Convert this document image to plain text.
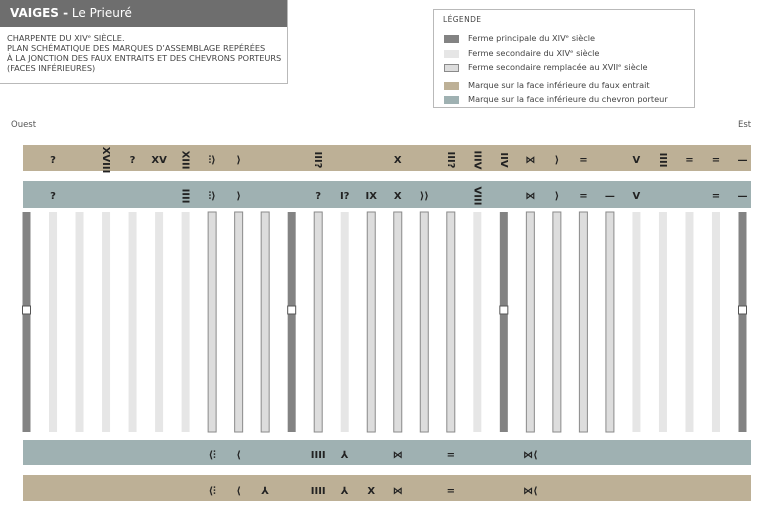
VAIGES - Le Prieuré
CHARPENTE DU XIVᵉ SIÈCLE.
PLAN SCHÉMATIQUE DES MARQUES D’ASSEMBLAGE REPÉRÉES
À LA JONCTION DES FAUX ENTRAITS ET DES CHEVRONS PORTEURS
(FACES INFÉRIEURES)
LÉGENDE
Ferme principale du XIVᵉ siècle
Ferme secondaire du XIVᵉ siècle
Ferme secondaire remplacée au XVIIᵉ siècle
Marque sur la face inférieure du faux entrait
Marque sur la face inférieure du chevron porteur
Ouest	Est
?	XVIII ? XV XIII ⫶⟩ ⟩	III?	X	III? IIIV IIV ⋈ ⟩ =	V IIII = = —
?	IIII ⫶⟩ ⟩	? I? IX X ⟩⟩	VIII	⋈ ⟩ = — V	= —
⟨⫶ ⟨	IIII ⅄	⋈	=	⋈⟨
⟨⫶ ⟨ ⅄	IIII ⅄ X ⋈	=	⋈⟨
